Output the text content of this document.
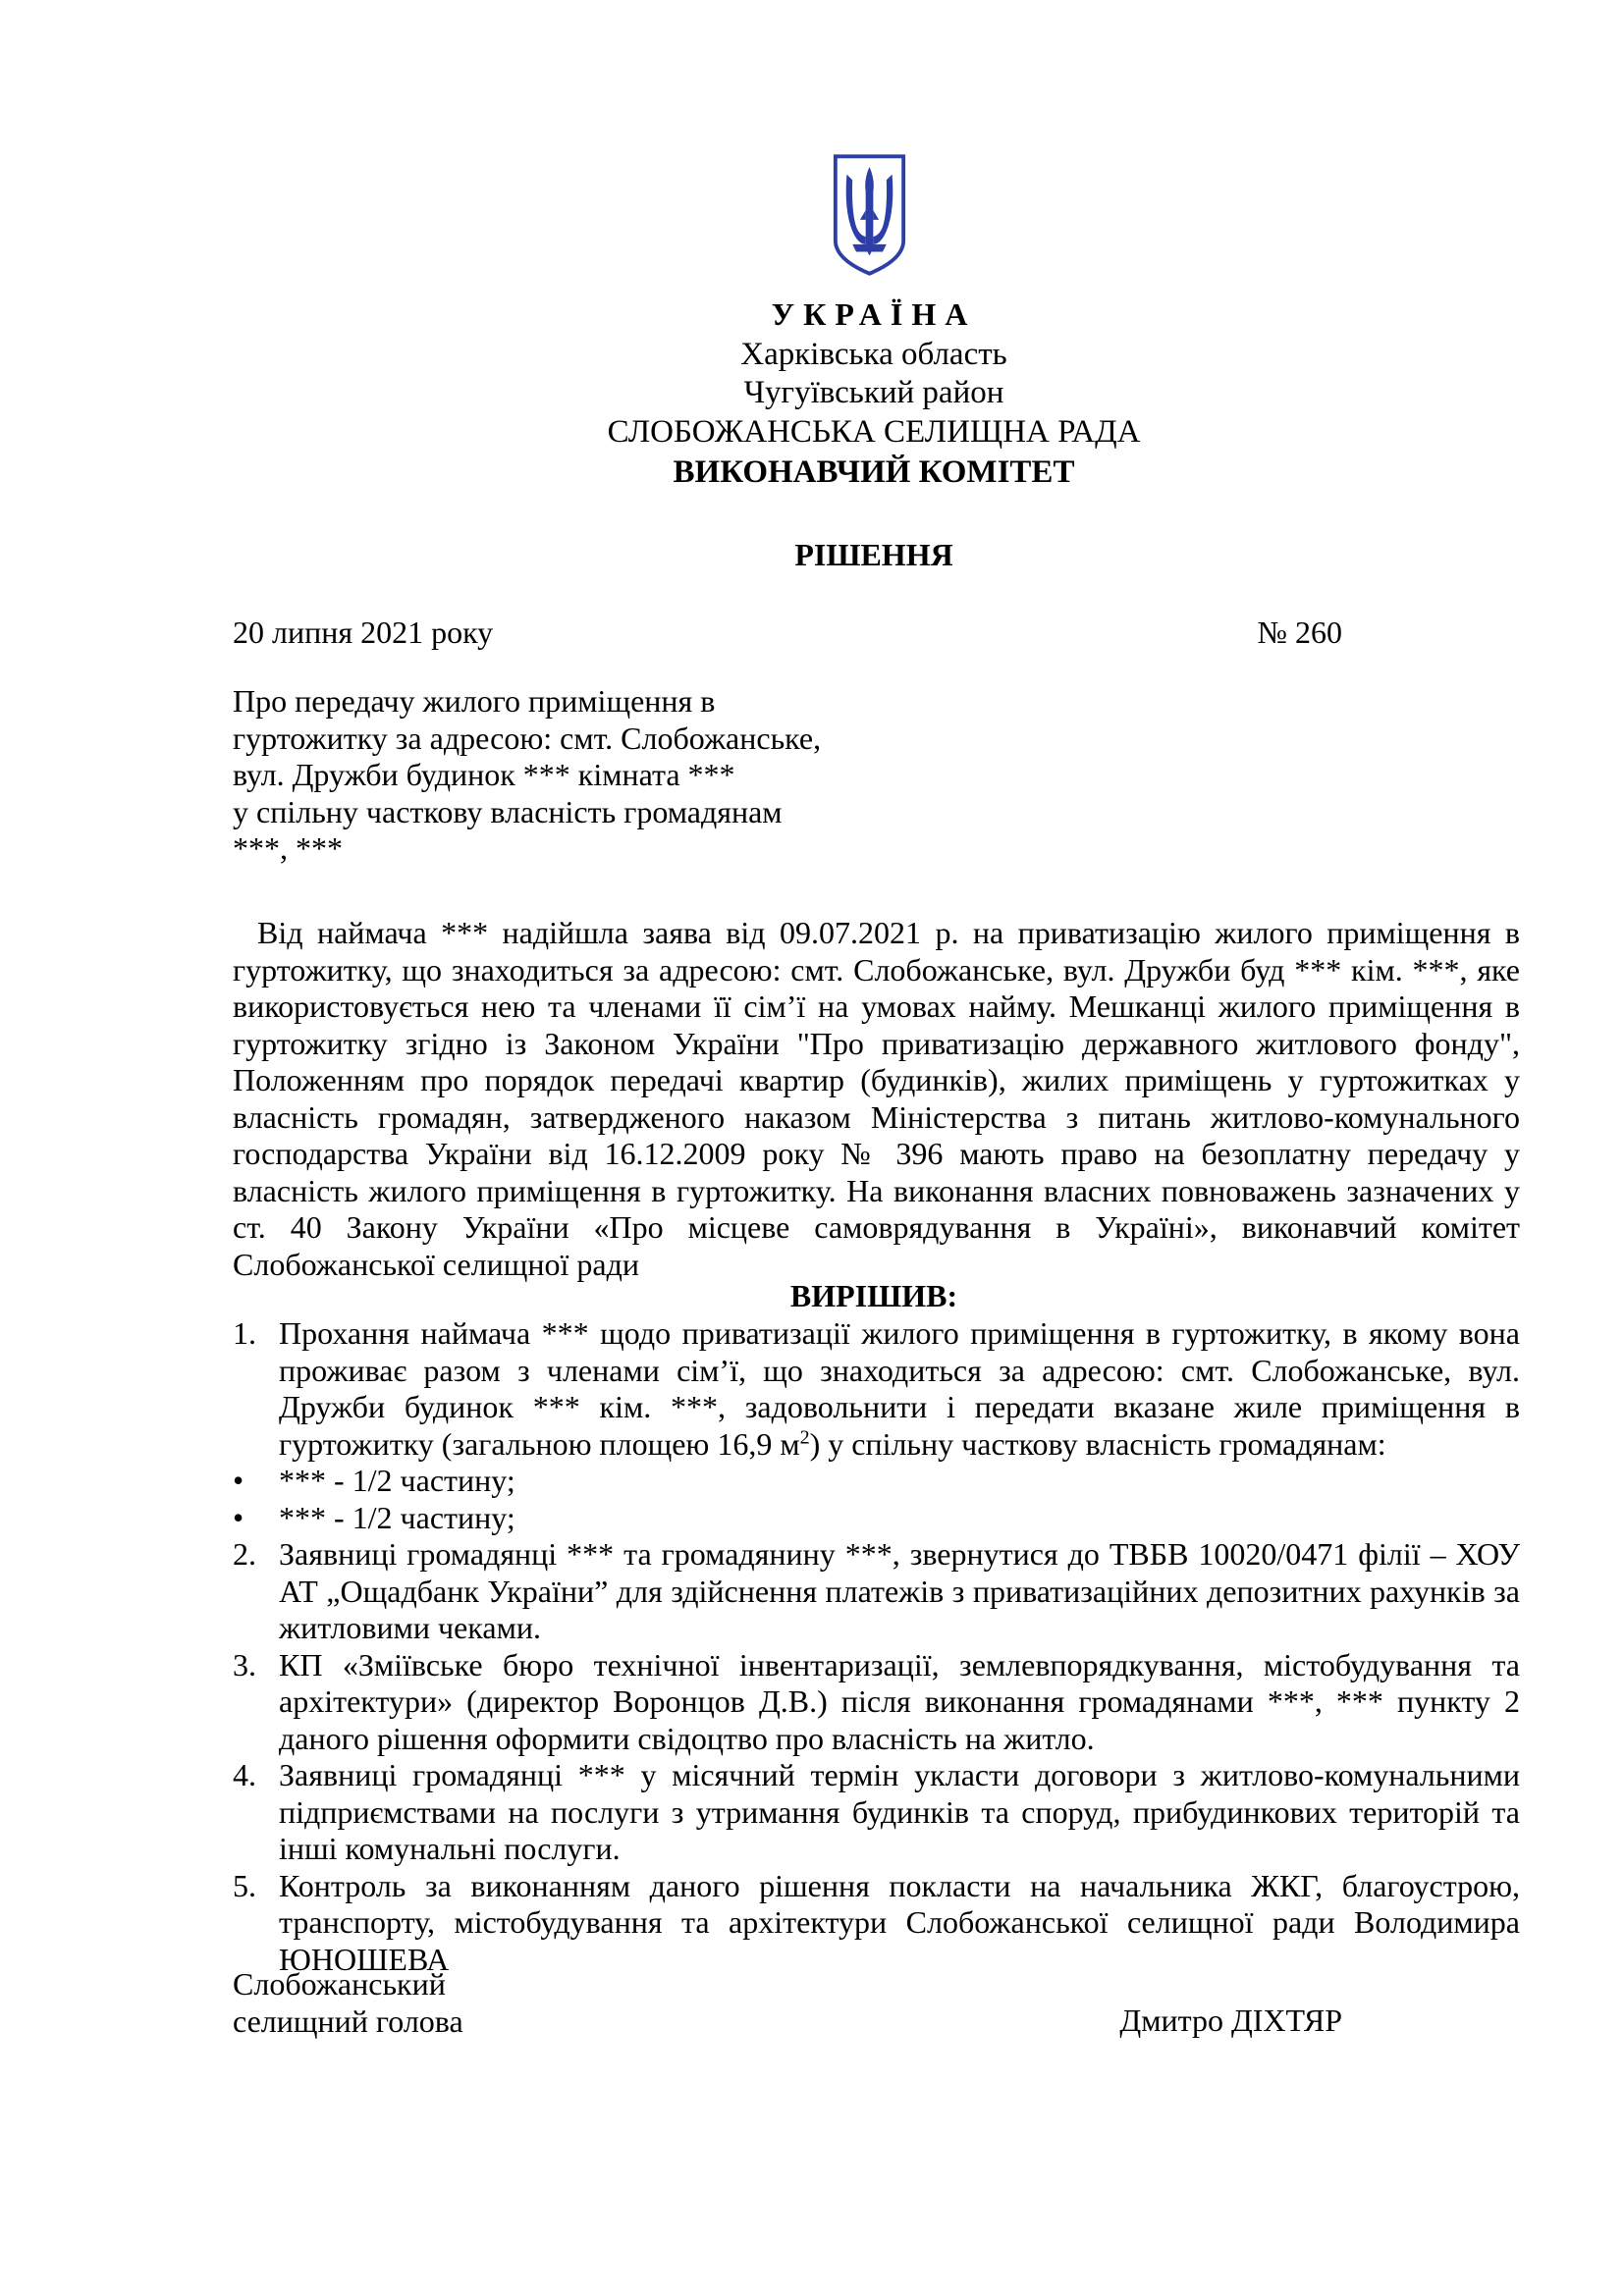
УКРАЇНА
Харківська область
Чугуївський район
СЛОБОЖАНСЬКА СЕЛИЩНА РАДА
ВИКОНАВЧИЙ КОМІТЕТ
РІШЕННЯ
20 липня 2021 року	№ 260
Про передачу жилого приміщення в
гуртожитку за адресою: смт. Слобожанське,
вул. Дружби будинок *** кімната ***
у спільну часткову власність громадянам
***, ***

Від наймача *** надійшла заява від 09.07.2021 р. на приватизацію жилого приміщення в гуртожитку, що знаходиться за адресою: смт. Слобожанське, вул. Дружби буд *** кім. ***, яке використовується нею та членами її сім’ї на умовах найму. Мешканці жилого приміщення в гуртожитку згідно із Законом України "Про приватизацію державного житлового фонду", Положенням про порядок передачі квартир (будинків), жилих приміщень у гуртожитках у власність громадян, затвердженого наказом Міністерства з питань житлово-комунального господарства України від 16.12.2009 року № 396 мають право на безоплатну передачу у власність жилого приміщення в гуртожитку. На виконання власних повноважень зазначених у ст. 40 Закону України «Про місцеве самоврядування в Україні», виконавчий комітет Слобожанської селищної ради

ВИРІШИВ:
1. Прохання наймача *** щодо приватизації жилого приміщення в гуртожитку, в якому вона проживає разом з членами сім’ї, що знаходиться за адресою: смт. Слобожанське, вул. Дружби будинок *** кім. ***, задовольнити і передати вказане жиле приміщення в гуртожитку (загальною площею 16,9 $м^2$) у спільну часткову власність громадянам:
• *** - 1/2 частину;
• *** - 1/2 частину;
2. Заявниці громадянці *** та громадянину ***, звернутися до ТВБВ 10020/0471 філії – ХОУ АТ „Ощадбанк України” для здійснення платежів з приватизаційних депозитних рахунків за житловими чеками.
3. КП «Зміївське бюро технічної інвентаризації, землевпорядкування, містобудування та архітектури» (директор Воронцов Д.В.) після виконання громадянами ***, *** пункту 2 даного рішення оформити свідоцтво про власність на житло.
4. Заявниці громадянці *** у місячний термін укласти договори з житлово-комунальними підприємствами на послуги з утримання будинків та споруд, прибудинкових територій та інші комунальні послуги.
5. Контроль за виконанням даного рішення покласти на начальника ЖКГ, благоустрою, транспорту, містобудування та архітектури Слобожанської селищної ради Володимира ЮНОШЕВА
Слобожанський
селищний голова	Дмитро ДІХТЯР
